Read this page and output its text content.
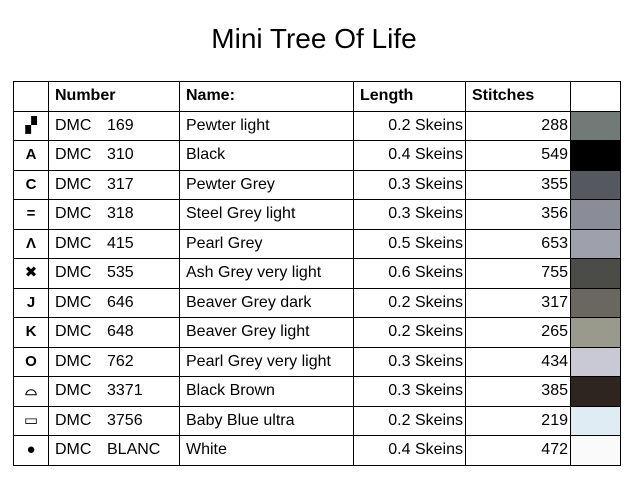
Mini Tree Of Life
	Number	Name:	Length	Stitches	
▞	DMC 169	Pewter light	0.2 Skeins	288	

A	DMC 310	Black	0.4 Skeins	549	

C	DMC 317	Pewter Grey	0.3 Skeins	355	

=	DMC 318	Steel Grey light	0.3 Skeins	356	

Λ	DMC 415	Pearl Grey	0.5 Skeins	653	

✖	DMC 535	Ash Grey very light	0.6 Skeins	755	

J	DMC 646	Beaver Grey dark	0.2 Skeins	317	

K	DMC 648	Beaver Grey light	0.2 Skeins	265	

O	DMC 762	Pearl Grey very light	0.3 Skeins	434	

⌓	DMC 3371	Black Brown	0.3 Skeins	385	

▭	DMC 3756	Baby Blue ultra	0.2 Skeins	219	

●	DMC BLANC	White	0.4 Skeins	472	
